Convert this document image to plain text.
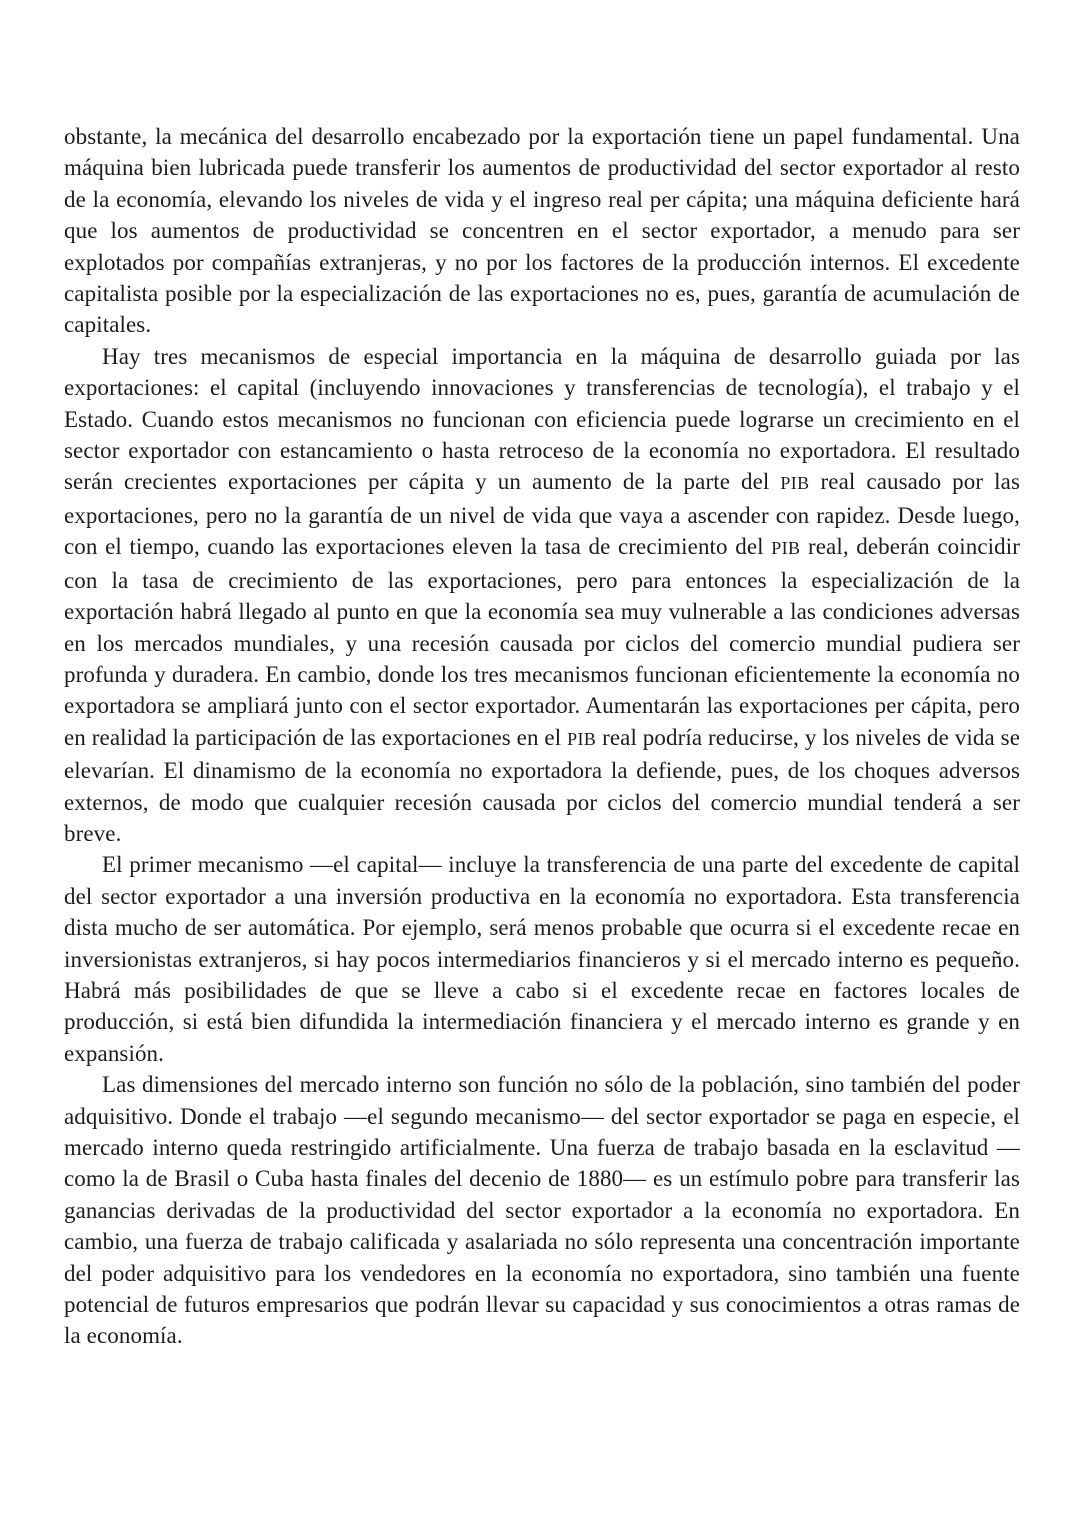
obstante, la mecánica del desarrollo encabezado por la exportación tiene un papel fundamental. Una máquina bien lubricada puede transferir los aumentos de productividad del sector exportador al resto de la economía, elevando los niveles de vida y el ingreso real per cápita; una máquina deficiente hará que los aumentos de productividad se concentren en el sector exportador, a menudo para ser explotados por compañías extranjeras, y no por los factores de la producción internos. El excedente capitalista posible por la especialización de las exportaciones no es, pues, garantía de acumulación de capitales.

Hay tres mecanismos de especial importancia en la máquina de desarrollo guiada por las exportaciones: el capital (incluyendo innovaciones y transferencias de tecnología), el trabajo y el Estado. Cuando estos mecanismos no funcionan con eficiencia puede lograrse un crecimiento en el sector exportador con estancamiento o hasta retroceso de la economía no exportadora. El resultado serán crecientes exportaciones per cápita y un aumento de la parte del PIB real causado por las exportaciones, pero no la garantía de un nivel de vida que vaya a ascender con rapidez. Desde luego, con el tiempo, cuando las exportaciones eleven la tasa de crecimiento del PIB real, deberán coincidir con la tasa de crecimiento de las exportaciones, pero para entonces la especialización de la exportación habrá llegado al punto en que la economía sea muy vulnerable a las condiciones adversas en los mercados mundiales, y una recesión causada por ciclos del comercio mundial pudiera ser profunda y duradera. En cambio, donde los tres mecanismos funcionan eficientemente la economía no exportadora se ampliará junto con el sector exportador. Aumentarán las exportaciones per cápita, pero en realidad la participación de las exportaciones en el PIB real podría reducirse, y los niveles de vida se elevarían. El dinamismo de la economía no exportadora la defiende, pues, de los choques adversos externos, de modo que cualquier recesión causada por ciclos del comercio mundial tenderá a ser breve.

El primer mecanismo —el capital— incluye la transferencia de una parte del excedente de capital del sector exportador a una inversión productiva en la economía no exportadora. Esta transferencia dista mucho de ser automática. Por ejemplo, será menos probable que ocurra si el excedente recae en inversionistas extranjeros, si hay pocos intermediarios financieros y si el mercado interno es pequeño. Habrá más posibilidades de que se lleve a cabo si el excedente recae en factores locales de producción, si está bien difundida la intermediación financiera y el mercado interno es grande y en expansión.

Las dimensiones del mercado interno son función no sólo de la población, sino también del poder adquisitivo. Donde el trabajo —el segundo mecanismo— del sector exportador se paga en especie, el mercado interno queda restringido artificialmente. Una fuerza de trabajo basada en la esclavitud —como la de Brasil o Cuba hasta finales del decenio de 1880— es un estímulo pobre para transferir las ganancias derivadas de la productividad del sector exportador a la economía no exportadora. En cambio, una fuerza de trabajo calificada y asalariada no sólo representa una concentración importante del poder adquisitivo para los vendedores en la economía no exportadora, sino también una fuente potencial de futuros empresarios que podrán llevar su capacidad y sus conocimientos a otras ramas de la economía.
